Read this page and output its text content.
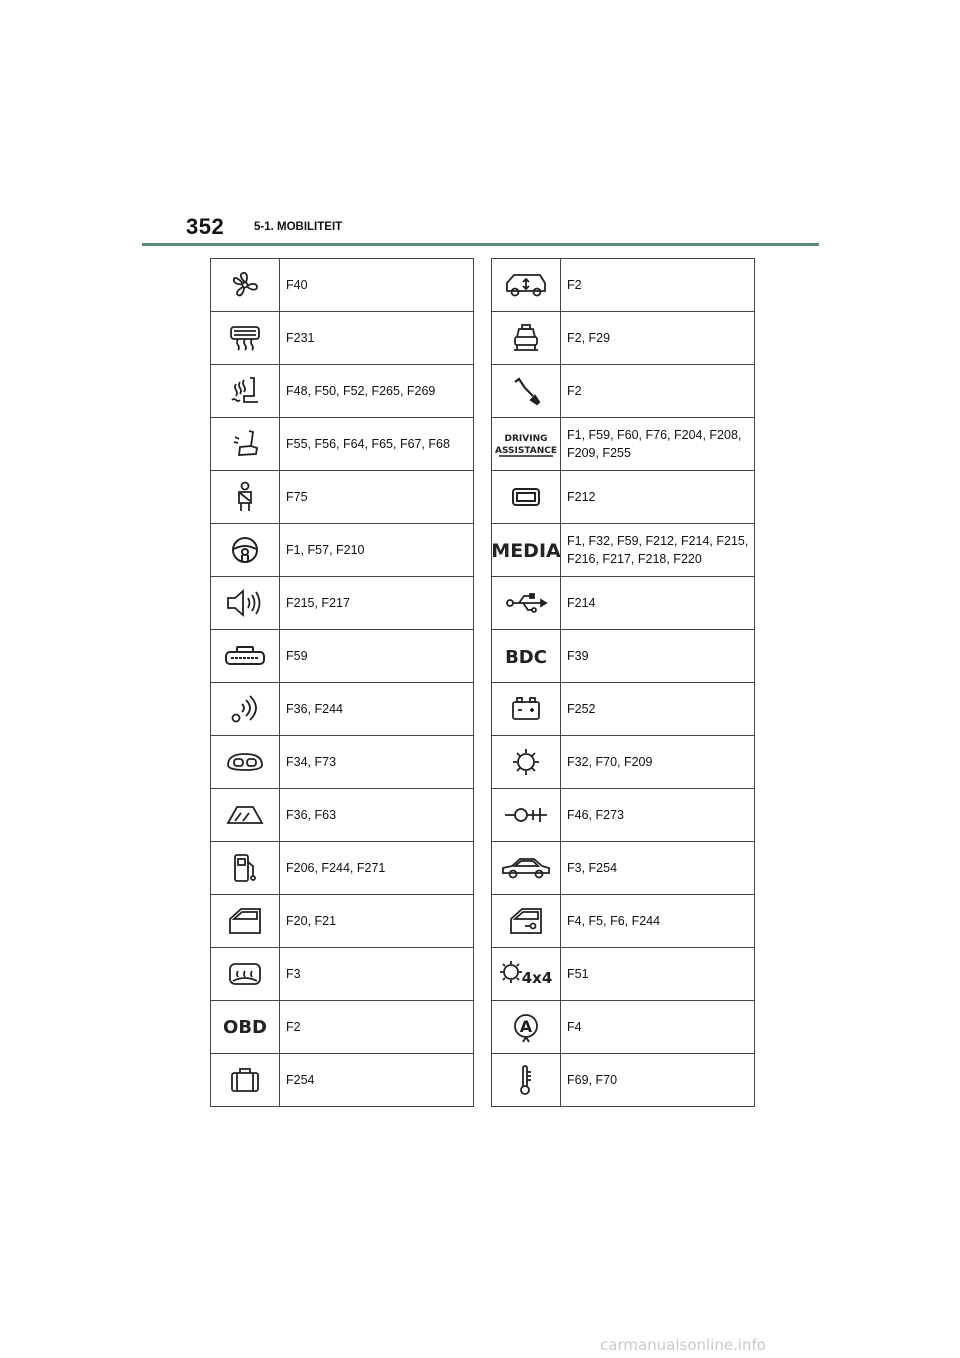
352	5-1. MOBILITEIT
	F40

	F231

	F48, F50, F52, F265, F269

	F55, F56, F64, F65, F67, F68

	F75

	F1, F57, F210

	F215, F217

	F59

	F36, F244

	F34, F73

	F36, F63

	F206, F244, F271

	F20, F21

	F3

OBD	F2

	F254
	F2

	F2, F29

	F2

DRIVING
ASSISTANCE	F1, F59, F60, F76, F204, F208, F209, F255

	F212

MEDIA	F1, F32, F59, F212, F214, F215, F216, F217, F218, F220

	F214

BDC	F39

	F252

	F32, F70, F209

	F46, F273

	F3, F254

	F4, F5, F6, F244

4x4	F51

A	F4

	F69, F70
carmanualsonline.info
